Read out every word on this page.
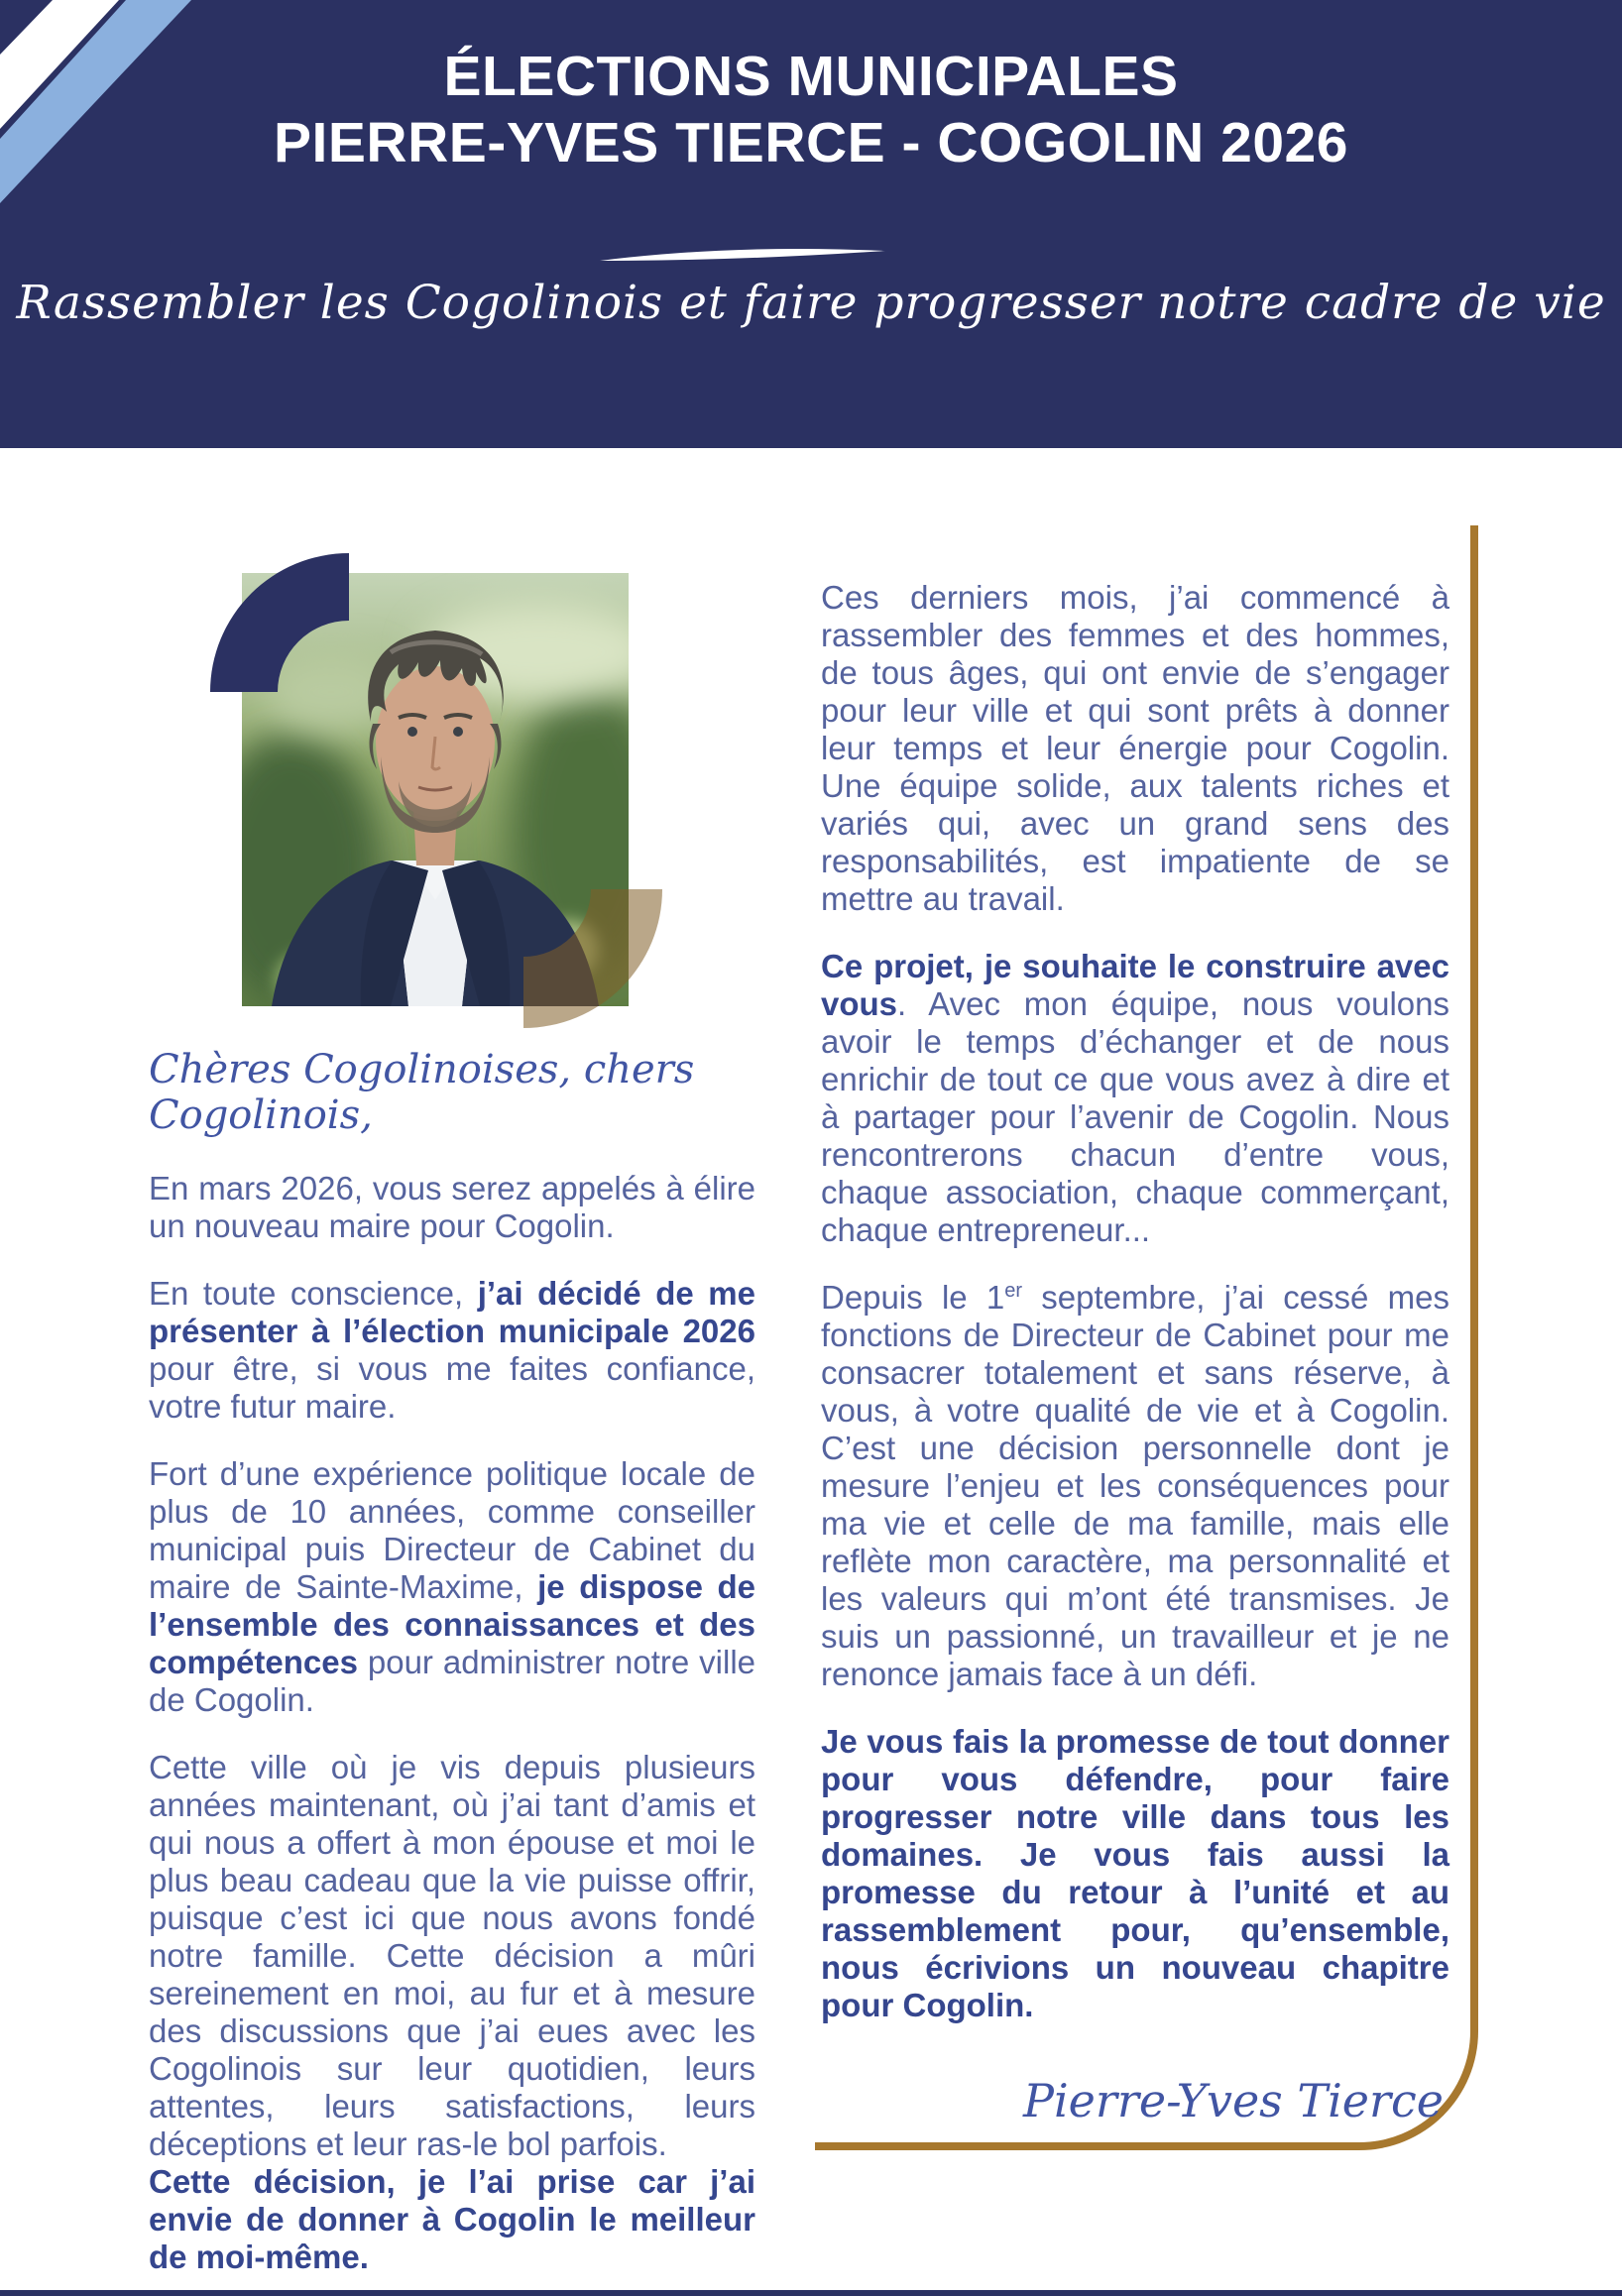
ÉLECTIONS MUNICIPALES
PIERRE-YVES TIERCE - COGOLIN 2026
Rassembler les Cogolinois et faire progresser notre cadre de vie
Chères Cogolinoises, chers Cogolinois,

En mars 2026, vous serez appelés à élire un nouveau maire pour Cogolin.

En toute conscience, j’ai décidé de me présenter à l’élection municipale 2026 pour être, si vous me faites confiance, votre futur maire.

Fort d’une expérience politique locale de plus de 10 années, comme conseiller municipal puis Directeur de Cabinet du maire de Sainte-Maxime, je dispose de l’ensemble des connaissances et des compétences pour administrer notre ville de Cogolin.

Cette ville où je vis depuis plusieurs années maintenant, où j’ai tant d’amis et qui nous a offert à mon épouse et moi le plus beau cadeau que la vie puisse offrir, puisque c’est ici que nous avons fondé notre famille. Cette décision a mûri sereinement en moi, au fur et à mesure des discussions que j’ai eues avec les Cogolinois sur leur quotidien, leurs attentes, leurs satisfactions, leurs déceptions et leur ras-le bol parfois.

Cette décision, je l’ai prise car j’ai envie de donner à Cogolin le meilleur de moi-même.

Ces derniers mois, j’ai commencé à rassembler des femmes et des hommes, de tous âges, qui ont envie de s’engager pour leur ville et qui sont prêts à donner leur temps et leur énergie pour Cogolin. Une équipe solide, aux talents riches et variés qui, avec un grand sens des responsabilités, est impatiente de se mettre au travail.

Ce projet, je souhaite le construire avec vous. Avec mon équipe, nous voulons avoir le temps d’échanger et de nous enrichir de tout ce que vous avez à dire et à partager pour l’avenir de Cogolin. Nous rencontrerons chacun d’entre vous, chaque association, chaque commerçant, chaque entrepreneur...

Depuis le 1er septembre, j’ai cessé mes fonctions de Directeur de Cabinet pour me consacrer totalement et sans réserve, à vous, à votre qualité de vie et à Cogolin. C’est une décision personnelle dont je mesure l’enjeu et les conséquences pour ma vie et celle de ma famille, mais elle reflète mon caractère, ma personnalité et les valeurs qui m’ont été transmises. Je suis un passionné, un travailleur et je ne renonce jamais face à un défi.

Je vous fais la promesse de tout donner pour vous défendre, pour faire progresser notre ville dans tous les domaines. Je vous fais aussi la promesse du retour à l’unité et au rassemblement pour, qu’ensemble, nous écrivions un nouveau chapitre pour Cogolin.

Pierre-Yves Tierce
